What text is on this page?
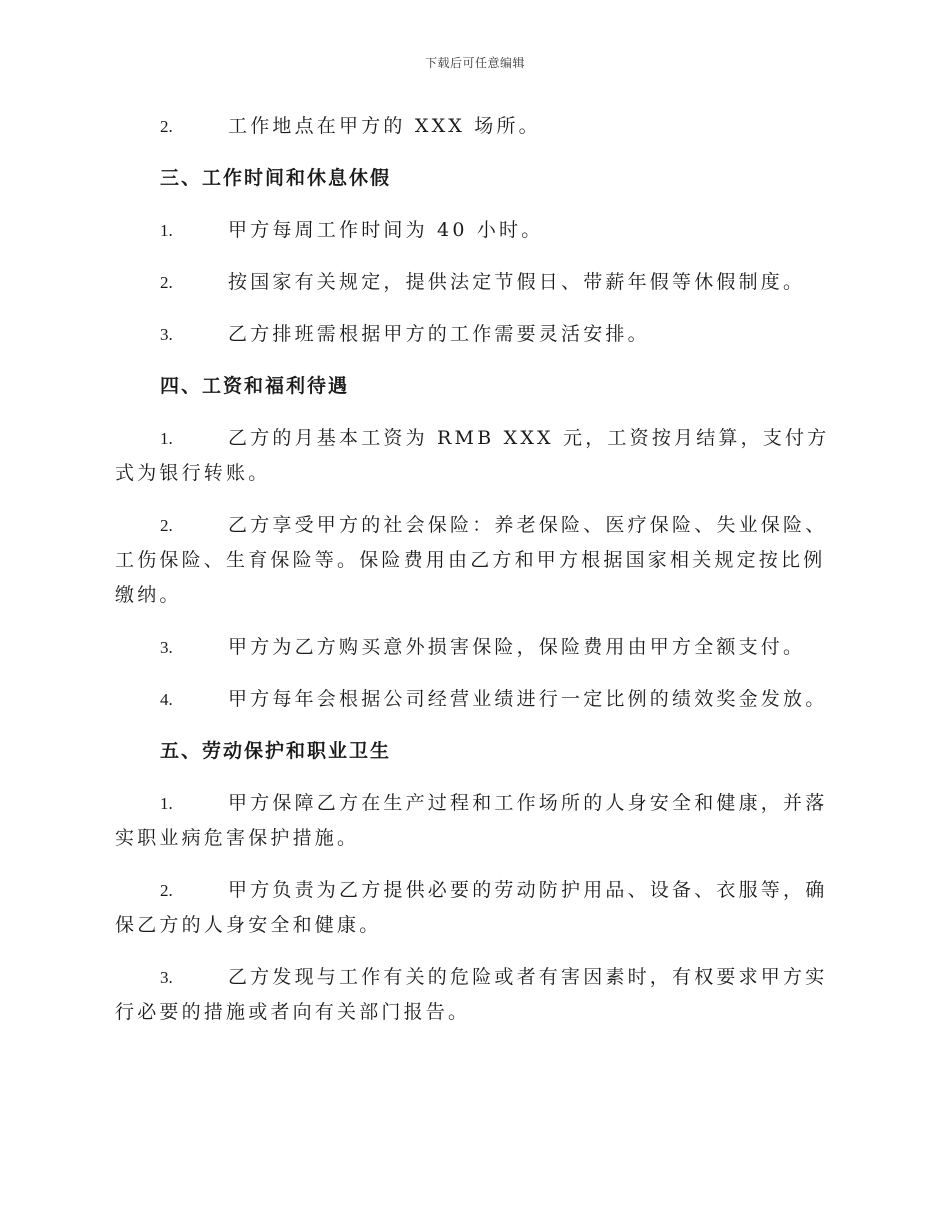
下载后可任意编辑

2.	工作地点在甲方的 XXX 场所。

三、工作时间和休息休假

1.	甲方每周工作时间为 40 小时。

2.	按国家有关规定，提供法定节假日、带薪年假等休假制度。

3.	乙方排班需根据甲方的工作需要灵活安排。

四、工资和福利待遇

1.	乙方的月基本工资为 RMB XXX 元，工资按月结算，支付方式为银行转账。

2.	乙方享受甲方的社会保险：养老保险、医疗保险、失业保险、工伤保险、生育保险等。保险费用由乙方和甲方根据国家相关规定按比例缴纳。

3.	甲方为乙方购买意外损害保险，保险费用由甲方全额支付。

4.	甲方每年会根据公司经营业绩进行一定比例的绩效奖金发放。

五、劳动保护和职业卫生

1.	甲方保障乙方在生产过程和工作场所的人身安全和健康，并落实职业病危害保护措施。

2.	甲方负责为乙方提供必要的劳动防护用品、设备、衣服等，确保乙方的人身安全和健康。

3.	乙方发现与工作有关的危险或者有害因素时，有权要求甲方实行必要的措施或者向有关部门报告。
